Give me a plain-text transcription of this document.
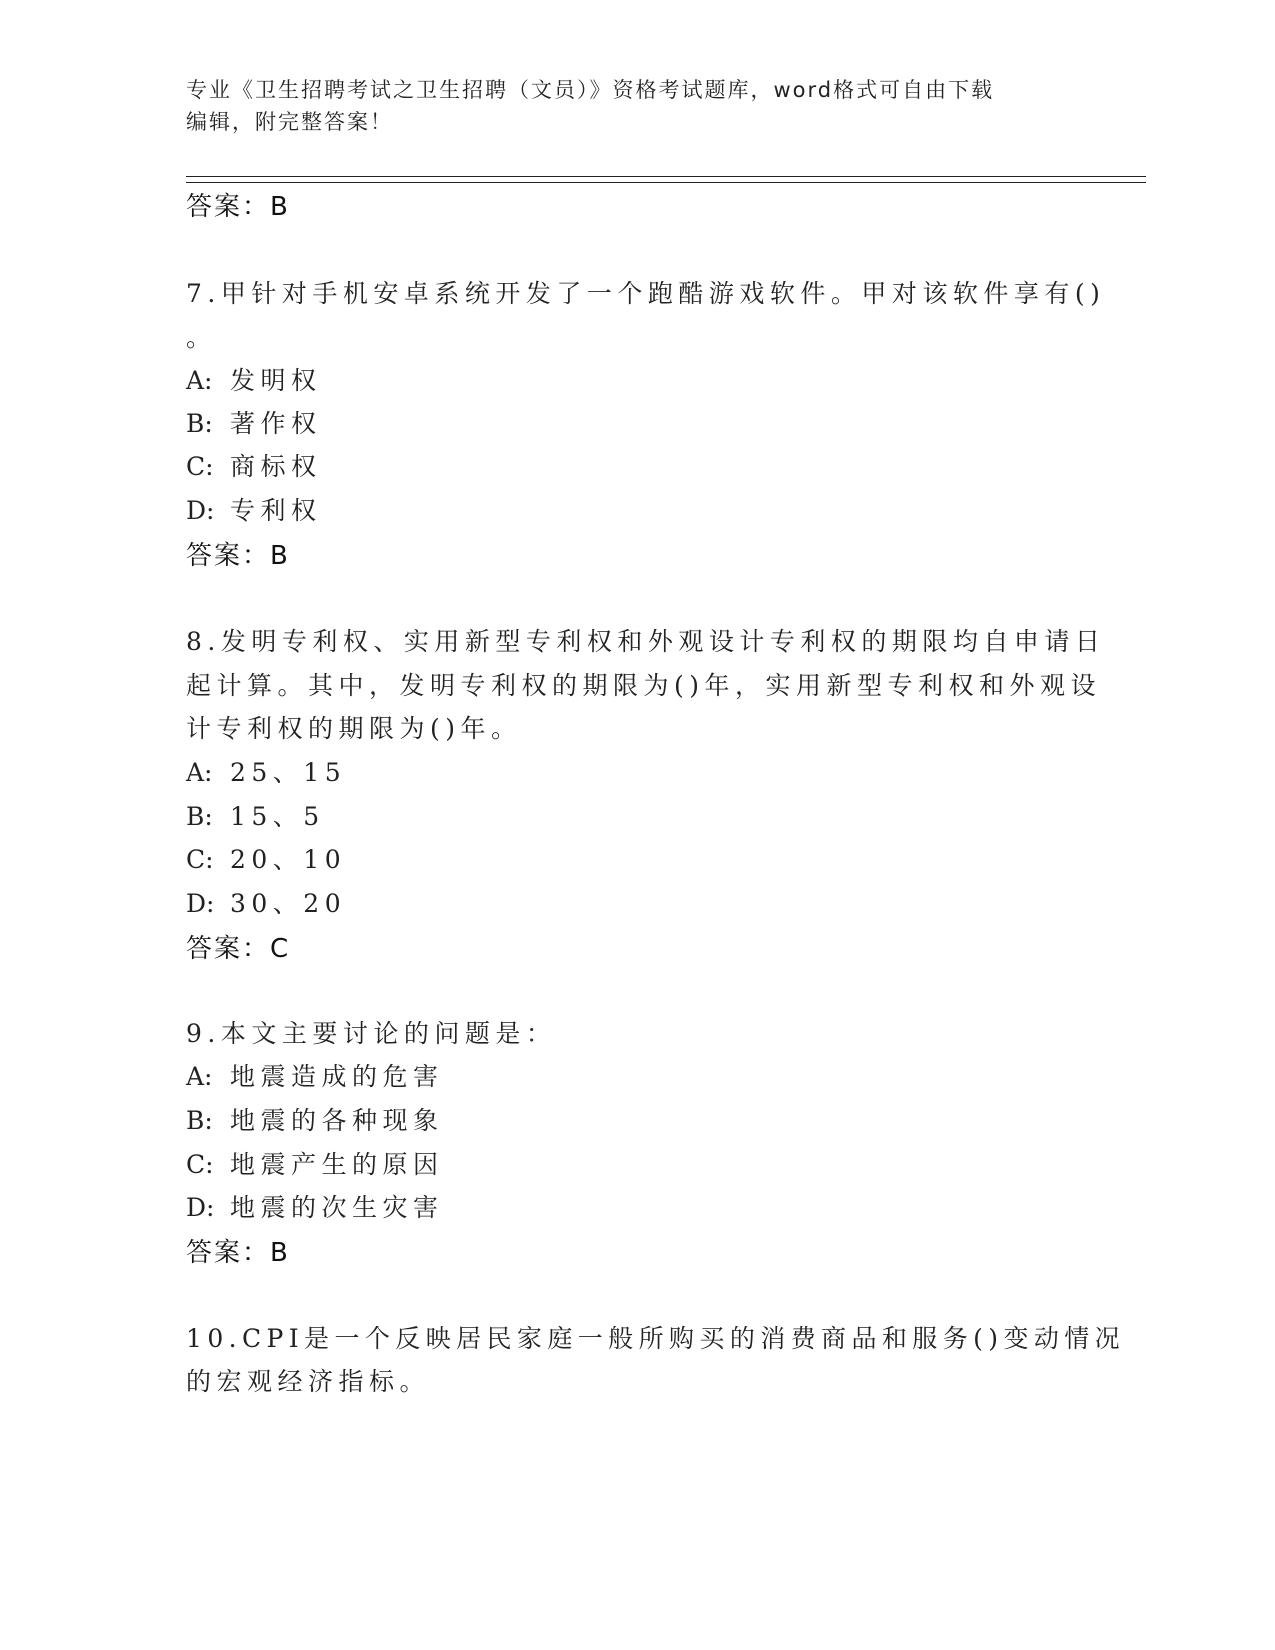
专业《卫生招聘考试之卫生招聘（文员）》资格考试题库，word格式可自由下载
编辑，附完整答案！
答案：B
7.甲针对手机安卓系统开发了一个跑酷游戏软件。甲对该软件享有()
。
A: 发明权
B: 著作权
C: 商标权
D: 专利权
答案：B
8.发明专利权、实用新型专利权和外观设计专利权的期限均自申请日
起计算。其中，发明专利权的期限为()年，实用新型专利权和外观设
计专利权的期限为()年。
A: 25、15
B: 15、5
C: 20、10
D: 30、20
答案：C
9.本文主要讨论的问题是：
A: 地震造成的危害
B: 地震的各种现象
C: 地震产生的原因
D: 地震的次生灾害
答案：B
10.CPI是一个反映居民家庭一般所购买的消费商品和服务()变动情况
的宏观经济指标。
